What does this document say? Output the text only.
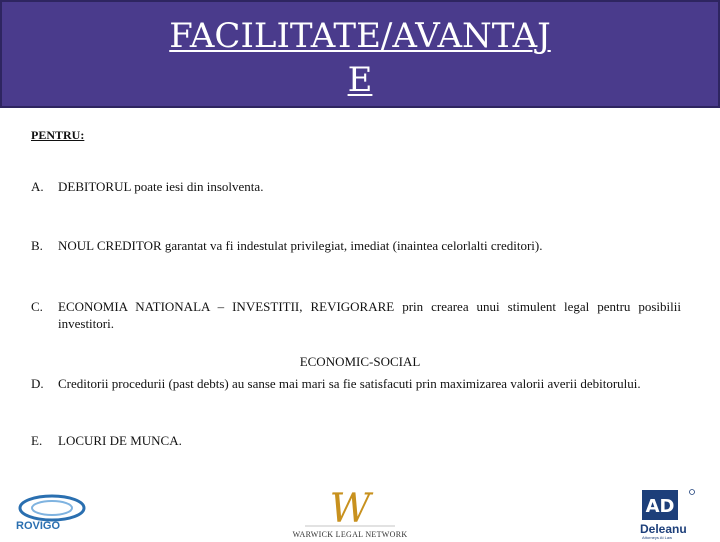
FACILITATE/AVANTAJ
E
PENTRU:
A. DEBITORUL poate iesi din insolventa.
B. NOUL CREDITOR garantat va fi indestulat privilegiat, imediat (inaintea celorlalti creditori).
C. ECONOMIA NATIONALA – INVESTITII, REVIGORARE prin crearea unui stimulent legal pentru posibilii investitori.
ECONOMIC-SOCIAL
D. Creditorii procedurii (past debts) au sanse mai mari sa fie satisfacuti prin maximizarea valorii averii debitorului.
E. LOCURI DE MUNCA.
ROVIGO	W
WARWICK LEGAL NETWORK
AD
Deleanu
Attorneys At Law
